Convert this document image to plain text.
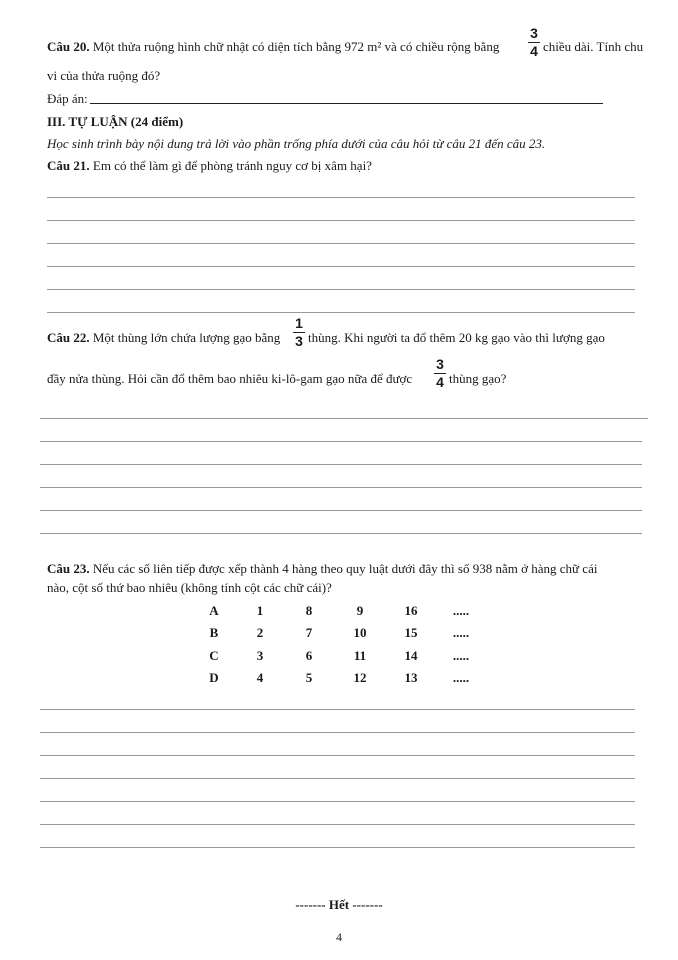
Câu 20. Một thửa ruộng hình chữ nhật có diện tích bằng 972 m² và có chiều rộng bằng
3
4 chiều dài. Tính chu
vi của thửa ruộng đó?
Đáp án:
III. TỰ LUẬN (24 điểm)
Học sinh trình bày nội dung trả lời vào phần trống phía dưới của câu hỏi từ câu 21 đến câu 23.
Câu 21. Em có thể làm gì để phòng tránh nguy cơ bị xâm hại?
Câu 22. Một thùng lớn chứa lượng gạo bằng
1
3 thùng. Khi người ta đổ thêm 20 kg gạo vào thì lượng gạo
đầy nửa thùng. Hỏi cần đổ thêm bao nhiêu ki-lô-gam gạo nữa để được
3
4 thùng gạo?
Câu 23. Nếu các số liên tiếp được xếp thành 4 hàng theo quy luật dưới đây thì số 938 nằm ở hàng chữ cái
nào, cột số thứ bao nhiêu (không tính cột các chữ cái)?
A	1	8	9	16	.....
B	2	7	10	15	.....
C	3	6	11	14	.....
D	4	5	12	13	.....
------- Hết -------
4
